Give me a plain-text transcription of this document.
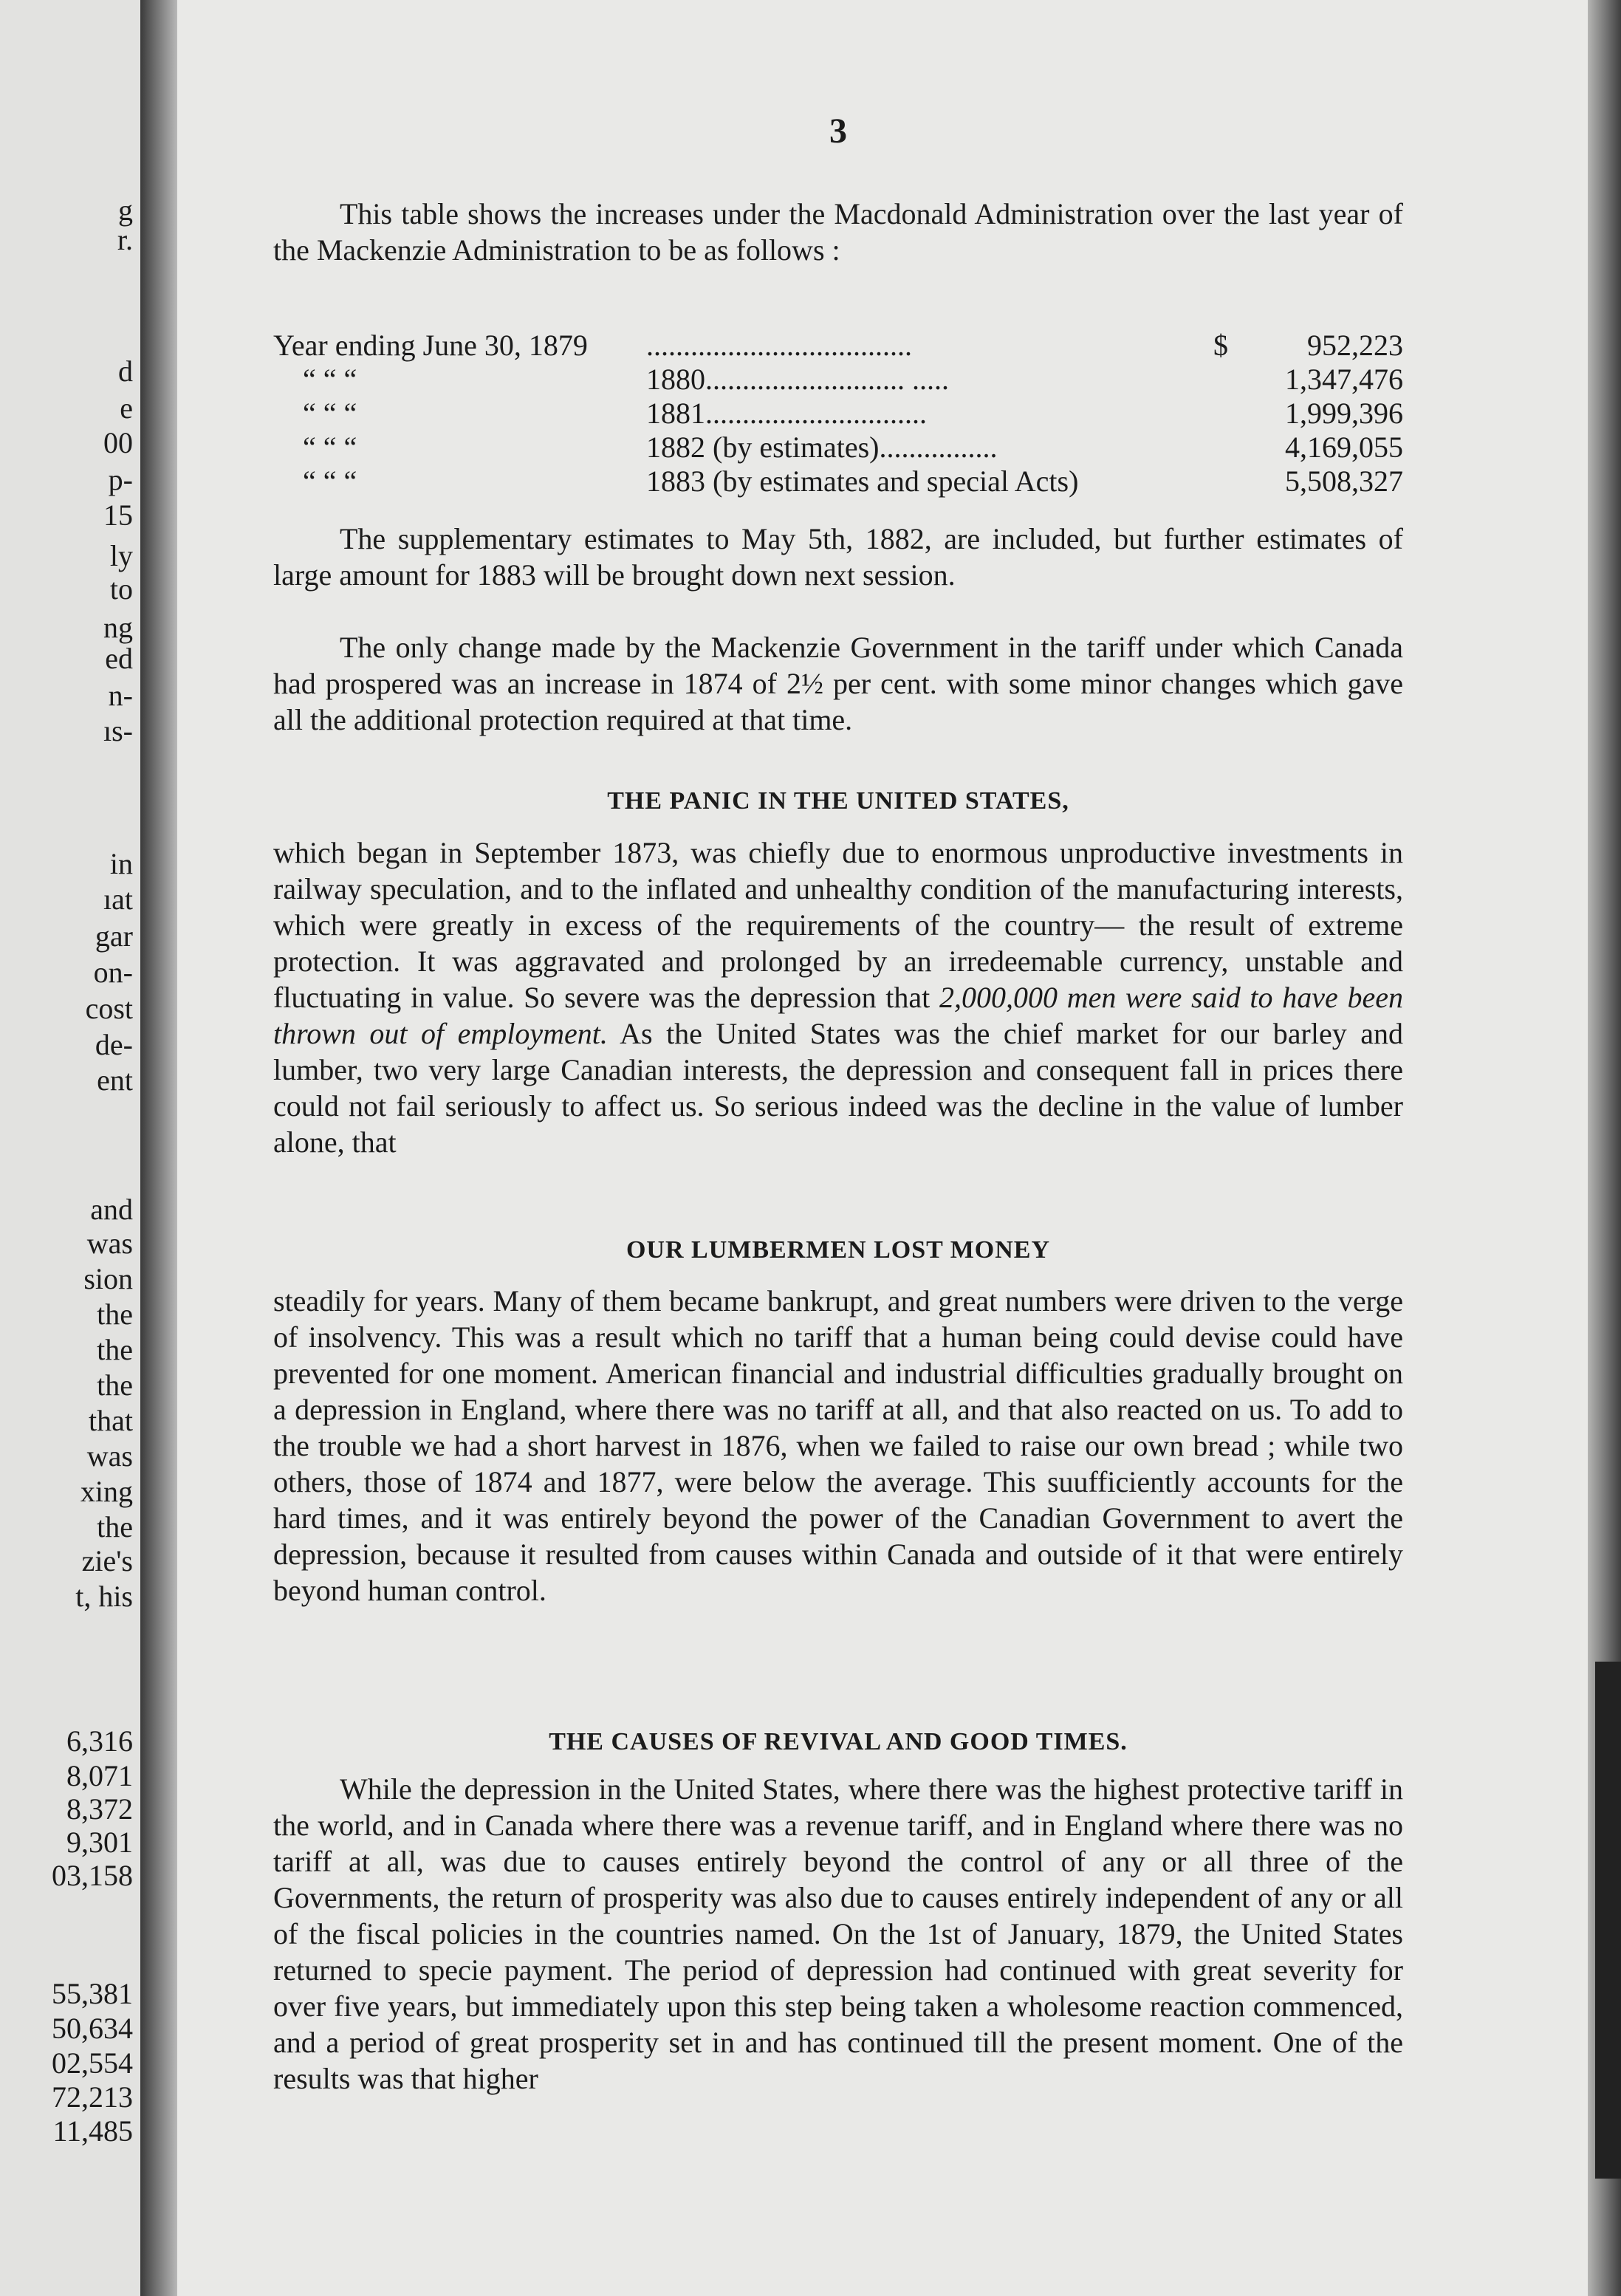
g
r.
d
e
00
p-
15
ly
to
ng
ed
n-
ıs-
in
ıat
gar
on-
cost
de-
ent
and
was
sion
the
the
the
that
was
xing
the
zie's
t, his
6,316
8,071
8,372
9,301
03,158
55,381
50,634
02,554
72,213
11,485
3

This table shows the increases under the Macdonald Administration over the last year of the Mackenzie Administration to be as follows :

Year ending June 30, 1879	....................................	$	952,223
“ “ “	1880........................... .....		1,347,476
“ “ “	1881..............................		1,999,396
“ “ “	1882 (by estimates)................		4,169,055
“ “ “	1883 (by estimates and special Acts)		5,508,327

The supplementary estimates to May 5th, 1882, are included, but further estimates of large amount for 1883 will be brought down next session.

The only change made by the Mackenzie Government in the tariff under which Canada had prospered was an increase in 1874 of 2½ per cent. with some minor changes which gave all the additional protection required at that time.

THE PANIC IN THE UNITED STATES,

which began in September 1873, was chiefly due to enormous unproductive investments in railway speculation, and to the inflated and unhealthy condition of the manufacturing interests, which were greatly in excess of the requirements of the country— the result of extreme protection. It was aggravated and prolonged by an irredeemable currency, unstable and fluctuating in value. So severe was the depression that 2,000,000 men were said to have been thrown out of employment. As the United States was the chief market for our barley and lumber, two very large Canadian interests, the depression and consequent fall in prices there could not fail seriously to affect us. So serious indeed was the decline in the value of lumber alone, that

OUR LUMBERMEN LOST MONEY

steadily for years. Many of them became bankrupt, and great numbers were driven to the verge of insolvency. This was a result which no tariff that a human being could devise could have prevented for one moment. American financial and industrial difficulties gradually brought on a depression in England, where there was no tariff at all, and that also reacted on us. To add to the trouble we had a short harvest in 1876, when we failed to raise our own bread ; while two others, those of 1874 and 1877, were below the average. This suufficiently accounts for the hard times, and it was entirely beyond the power of the Canadian Government to avert the depression, because it resulted from causes within Canada and outside of it that were entirely beyond human control.

THE CAUSES OF REVIVAL AND GOOD TIMES.

While the depression in the United States, where there was the highest protective tariff in the world, and in Canada where there was a revenue tariff, and in England where there was no tariff at all, was due to causes entirely beyond the control of any or all three of the Governments, the return of prosperity was also due to causes entirely independent of any or all of the fiscal policies in the countries named. On the 1st of January, 1879, the United States returned to specie payment. The period of depression had continued with great severity for over five years, but immediately upon this step being taken a wholesome reaction commenced, and a period of great prosperity set in and has continued till the present moment. One of the results was that higher
